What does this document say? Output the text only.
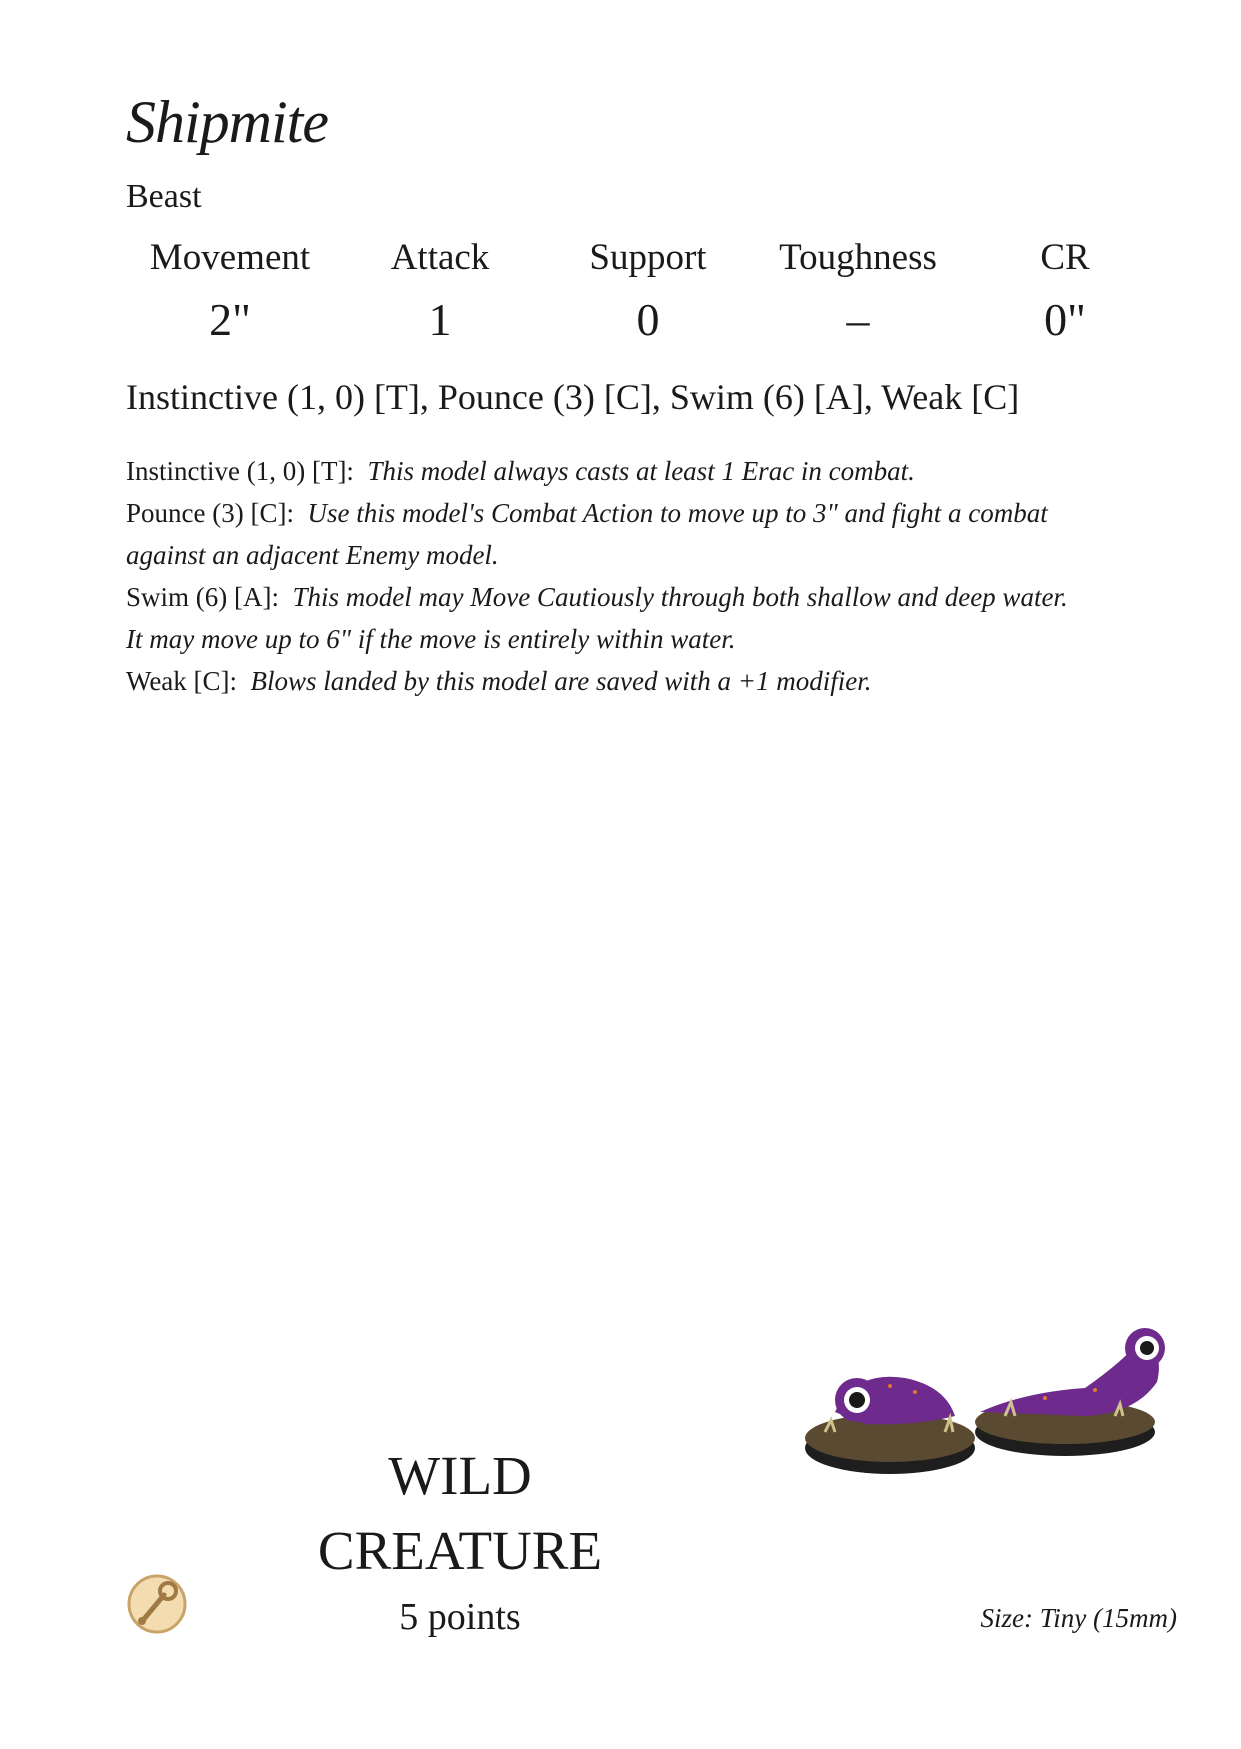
Shipmite
Beast
Movement
2"
Attack
1
Support
0
Toughness
–
CR
0"
Instinctive (1, 0) [T], Pounce (3) [C], Swim (6) [A], Weak [C]
Instinctive (1, 0) [T]: This model always casts at least 1 Erac in combat.
Pounce (3) [C]: Use this model's Combat Action to move up to 3" and fight a combat
against an adjacent Enemy model.
Swim (6) [A]: This model may Move Cautiously through both shallow and deep water.
It may move up to 6" if the move is entirely within water.
Weak [C]: Blows landed by this model are saved with a +1 modifier.
WILD
CREATURE
5 points	Size: Tiny (15mm)
